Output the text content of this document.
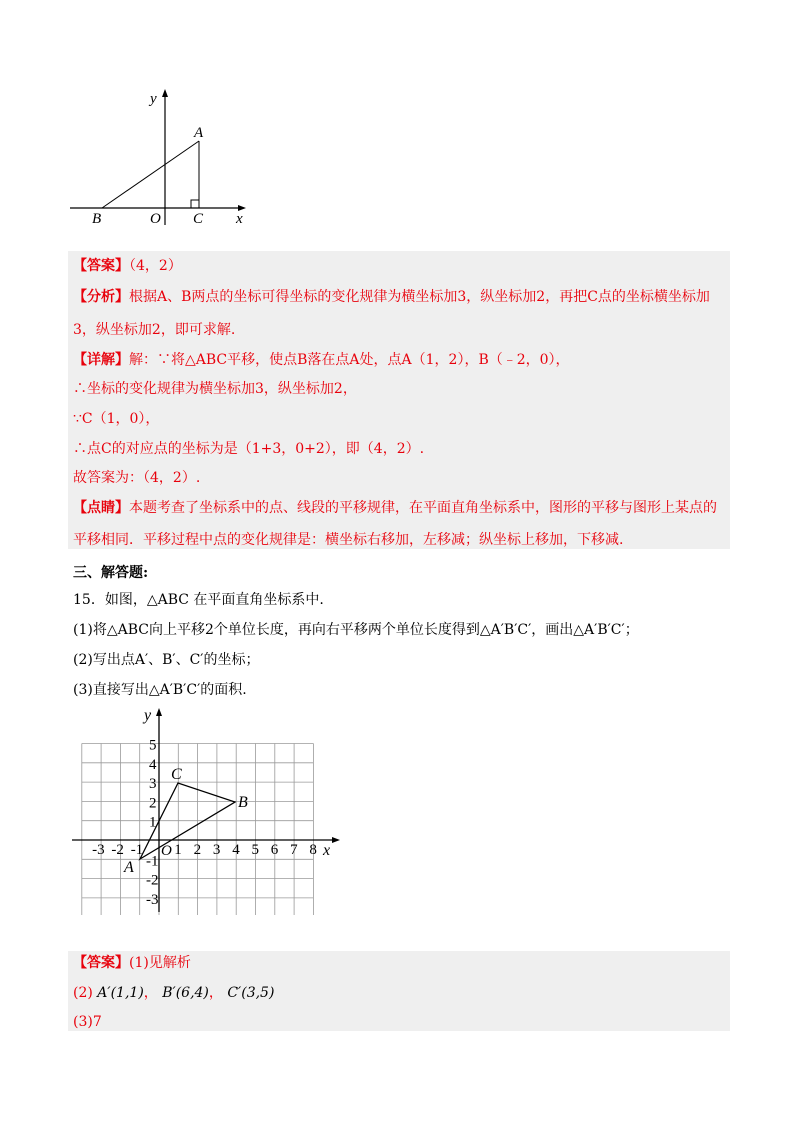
y
x
A
B	O C
【答案】（4，2）
【分析】根据A、B两点的坐标可得坐标的变化规律为横坐标加3，纵坐标加2，再把C点的坐标横坐标加
3，纵坐标加2，即可求解.
【详解】解：∵将△ABC平移，使点B落在点A处，点A（1，2），B（﹣2，0），
∴坐标的变化规律为横坐标加3，纵坐标加2，
∵C（1，0），
∴点C的对应点的坐标为是（1+3，0+2），即（4，2）.
故答案为：（4，2）.
【点睛】本题考查了坐标系中的点、线段的平移规律，在平面直角坐标系中，图形的平移与图形上某点的
平移相同．平移过程中点的变化规律是：横坐标右移加，左移减；纵坐标上移加，下移减.
三、解答题:
15．如图，△ABC 在平面直角坐标系中.
(1)将△ABC向上平移2个单位长度，再向右平移两个单位长度得到△A′B′C′，画出△A′B′C′；
(2)写出点A′、B′、C′的坐标；
(3)直接写出△A′B′C′的面积.
-3 -2 -1 1 2 3 4 5 6 7 8
5
4
3
2
1
-1
-2
-3
y
x
O
A
B
C
【答案】(1)见解析
(2) A′(1,1)， B′(6,4)， C′(3,5)
(3)7
